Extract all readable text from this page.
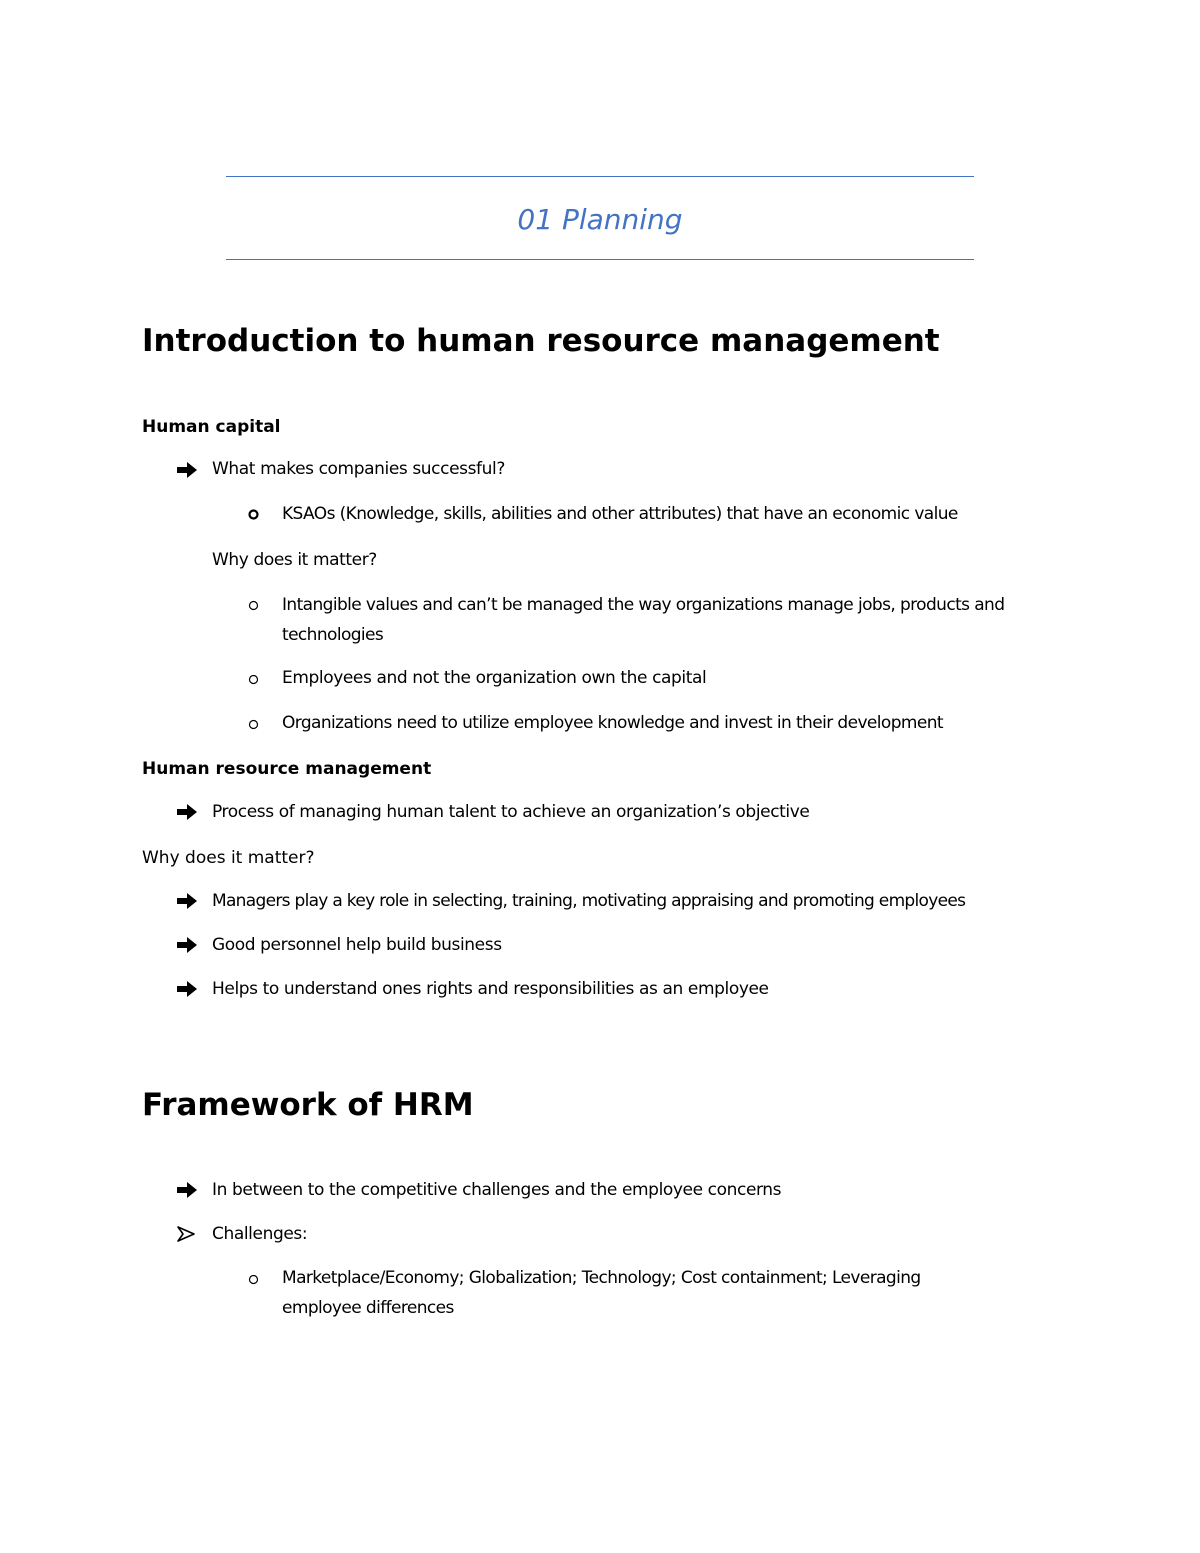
01 Planning
Introduction to human resource management
Human capital
What makes companies successful?
KSAOs (Knowledge, skills, abilities and other attributes) that have an economic value
Why does it matter?
Intangible values and can’t be managed the way organizations manage jobs, products and technologies
Employees and not the organization own the capital
Organizations need to utilize employee knowledge and invest in their development
Human resource management
Process of managing human talent to achieve an organization’s objective
Why does it matter?
Managers play a key role in selecting, training, motivating appraising and promoting employees
Good personnel help build business
Helps to understand ones rights and responsibilities as an employee
Framework of HRM
In between to the competitive challenges and the employee concerns
Challenges:
Marketplace/Economy; Globalization; Technology; Cost containment; Leveraging employee differences
